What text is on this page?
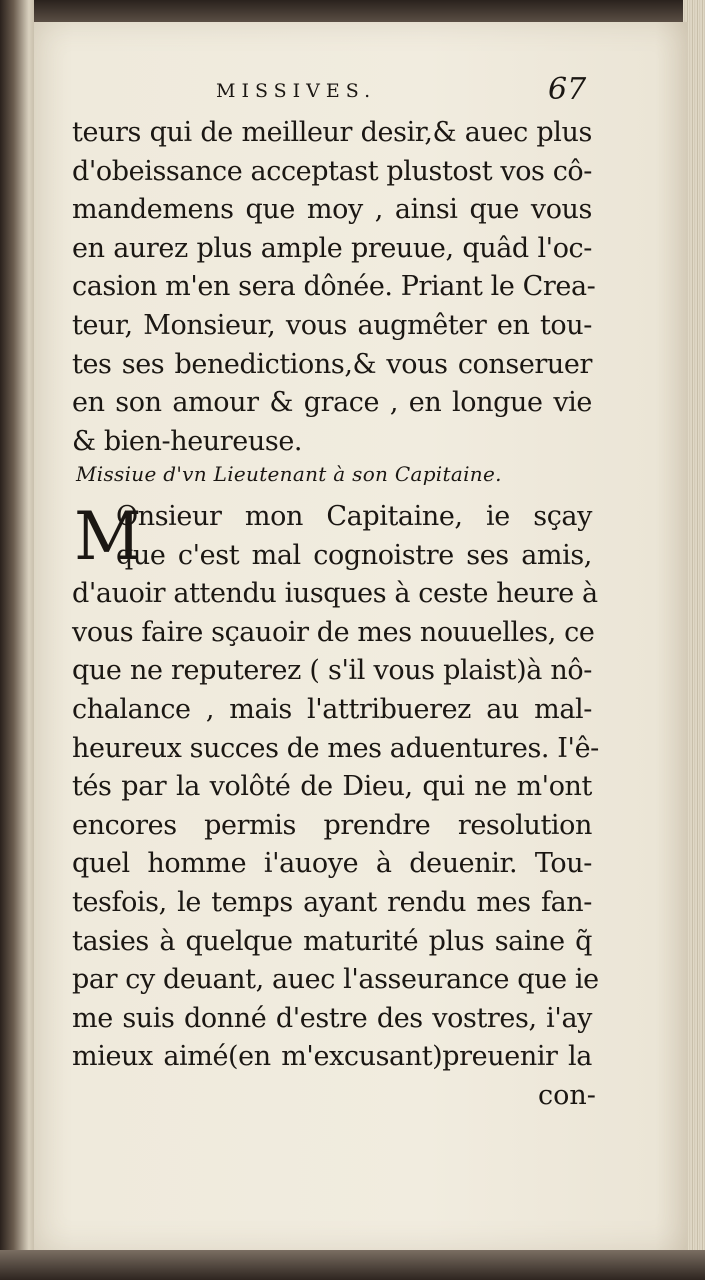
MISSIVES.	67
teurs qui de meilleur desir,& auec plus
d'obeissance acceptast plustost vos cô-
mandemens que moy , ainsi que vous
en aurez plus ample preuue, quâd l'oc-
casion m'en sera dônée. Priant le Crea-
teur, Monsieur, vous augmêter en tou-
tes ses benedictions,& vous conseruer
en son amour & grace , en longue vie
& bien-heureuse.
Missiue d'vn Lieutenant à son Capitaine.
M
Onsieur mon Capitaine, ie sçay
que c'est mal cognoistre ses amis,
d'auoir attendu iusques à ceste heure à
vous faire sçauoir de mes nouuelles, ce
que ne reputerez ( s'il vous plaist)à nô-
chalance , mais l'attribuerez au mal-
heureux succes de mes aduentures. I'ê-
tés par la volôté de Dieu, qui ne m'ont
encores permis prendre resolution
quel homme i'auoye à deuenir. Tou-
tesfois, le temps ayant rendu mes fan-
tasies à quelque maturité plus saine q̃
par cy deuant, auec l'asseurance que ie
me suis donné d'estre des vostres, i'ay
mieux aimé(en m'excusant)preuenir la
con-
